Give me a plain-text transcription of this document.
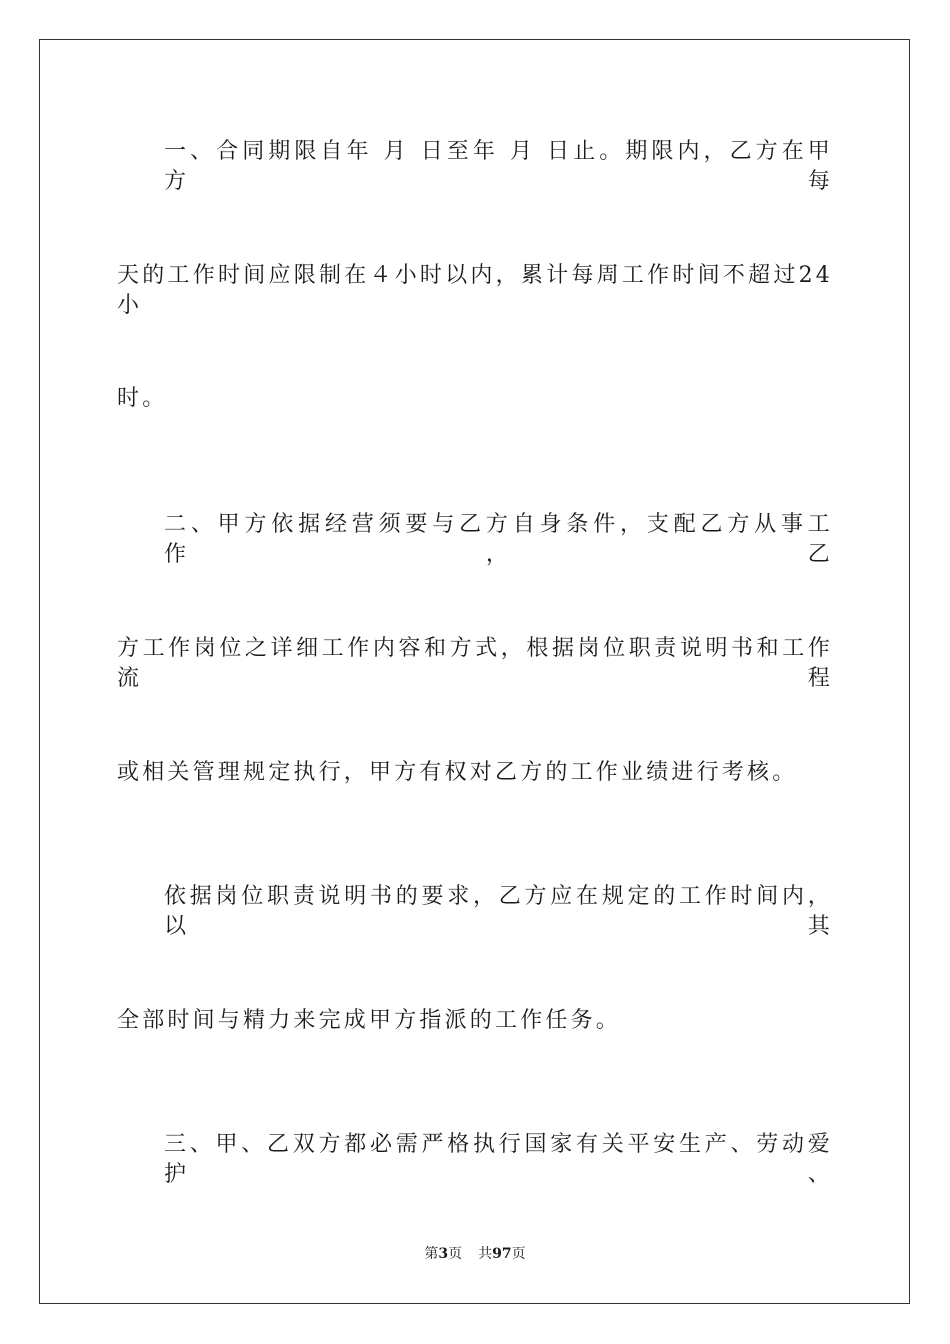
一、合同期限自年 月 日至年 月 日止。期限内，乙方在甲方每
天的工作时间应限制在４小时以内，累计每周工作时间不超过24小
时。
二、甲方依据经营须要与乙方自身条件，支配乙方从事工作，乙
方工作岗位之详细工作内容和方式，根据岗位职责说明书和工作流程
或相关管理规定执行，甲方有权对乙方的工作业绩进行考核。
依据岗位职责说明书的要求，乙方应在规定的工作时间内，以其
全部时间与精力来完成甲方指派的工作任务。
三、甲、乙双方都必需严格执行国家有关平安生产、劳动爱护、
第3页 共97页
